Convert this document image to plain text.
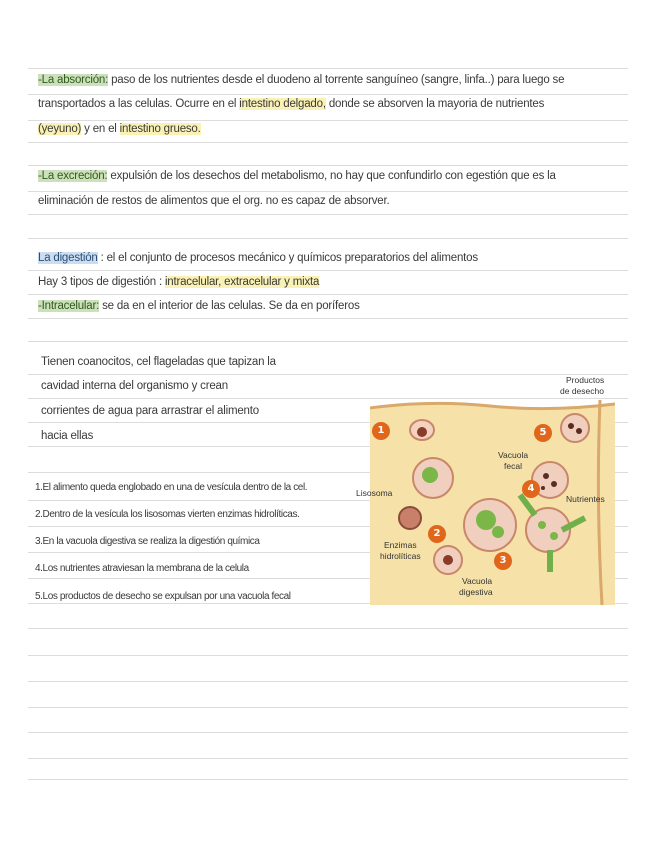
-La absorción: paso de los nutrientes desde el duodeno al torrente sanguíneo (sangre, linfa..) para luego se
transportados a las celulas. Ocurre en el intestino delgado, donde se absorven la mayoria de nutrientes
(yeyuno) y en el intestino grueso.
-La excreción: expulsión de los desechos del metabolismo, no hay que confundirlo con egestión que es la
eliminación de restos de alimentos que el org. no es capaz de absorver.
La digestión : el el conjunto de procesos mecánico y químicos preparatorios del alimentos
Hay 3 tipos de digestión : intracelular, extracelular y mixta
-Intracelular: se da en el interior de las celulas. Se da en poríferos
Tienen coanocitos, cel flageladas que tapizan la
cavidad interna del organismo y crean
corrientes de agua para arrastrar el alimento
hacia ellas
1.El alimento queda englobado en una de vesícula dentro de la cel.
2.Dentro de la vesícula los lisosomas vierten enzimas hidrolíticas.
3.En la vacuola digestiva se realiza la digestión química
4.Los nutrientes atraviesan la membrana de la celula
5.Los productos de desecho se expulsan por una vacuola fecal
1
2
3
4
5
Productos
de desecho
Vacuola
fecal
Nutrientes
Lisosoma
Enzimas
hidrolíticas
Vacuola
digestiva
